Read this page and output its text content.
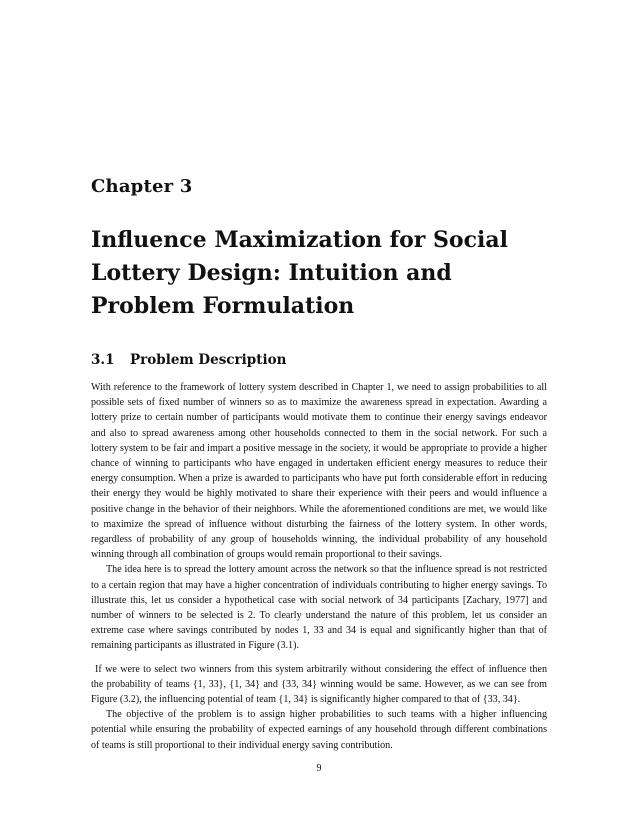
Chapter 3
Influence Maximization for Social Lottery Design: Intuition and Problem Formulation
3.1 Problem Description

With reference to the framework of lottery system described in Chapter 1, we need to assign probabilities to all possible sets of fixed number of winners so as to maximize the awareness spread in expectation. Awarding a lottery prize to certain number of participants would motivate them to continue their energy savings endeavor and also to spread awareness among other households connected to them in the social network. For such a lottery system to be fair and impart a positive message in the society, it would be appropriate to provide a higher chance of winning to participants who have engaged in undertaken efficient energy measures to reduce their energy consumption. When a prize is awarded to participants who have put forth considerable effort in reducing their energy they would be highly motivated to share their experience with their peers and would influence a positive change in the behavior of their neighbors. While the aforementioned conditions are met, we would like to maximize the spread of influence without disturbing the fairness of the lottery system. In other words, regardless of probability of any group of households winning, the individual probability of any household winning through all combination of groups would remain proportional to their savings.

The idea here is to spread the lottery amount across the network so that the influence spread is not restricted to a certain region that may have a higher concentration of individuals contributing to higher energy savings. To illustrate this, let us consider a hypothetical case with social network of 34 participants [Zachary, 1977] and number of winners to be selected is 2. To clearly understand the nature of this problem, let us consider an extreme case where savings contributed by nodes 1, 33 and 34 is equal and significantly higher than that of remaining participants as illustrated in Figure (3.1).

If we were to select two winners from this system arbitrarily without considering the effect of influence then the probability of teams {1, 33}, {1, 34} and {33, 34} winning would be same. However, as we can see from Figure (3.2), the influencing potential of team {1, 34} is significantly higher compared to that of {33, 34}.

The objective of the problem is to assign higher probabilities to such teams with a higher influencing potential while ensuring the probability of expected earnings of any household through different combinations of teams is still proportional to their individual energy saving contribution.

9
